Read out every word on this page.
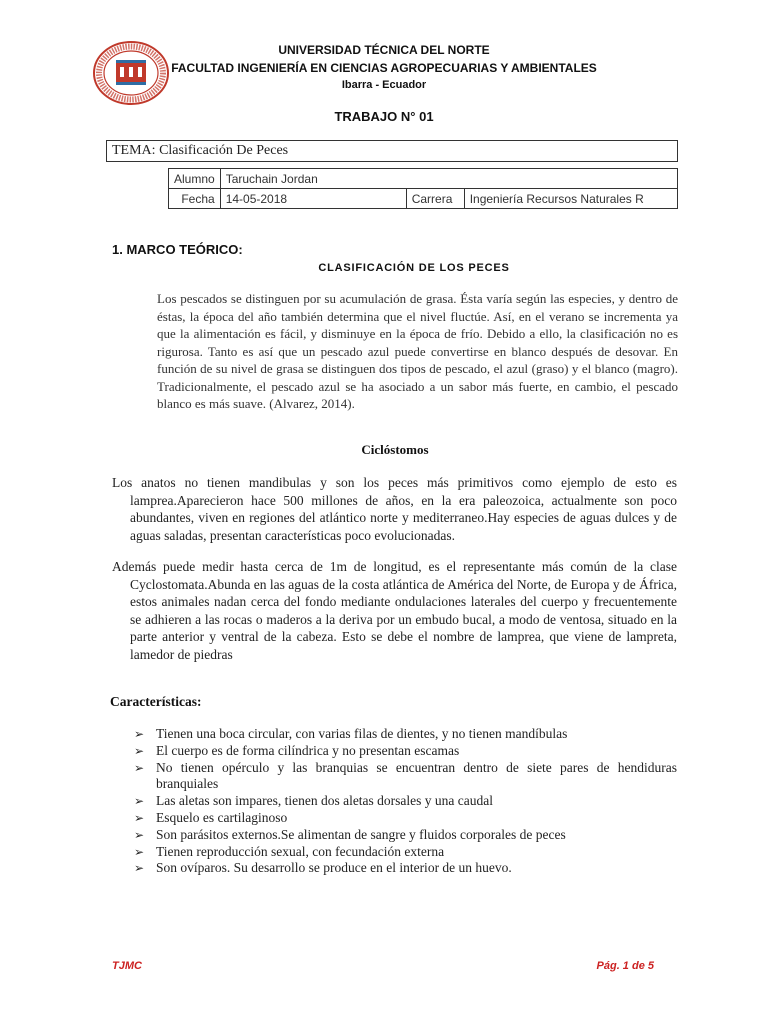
UNIVERSIDAD TÉCNICA DEL NORTE
FACULTAD INGENIERÍA EN CIENCIAS AGROPECUARIAS Y AMBIENTALES
Ibarra - Ecuador
TRABAJO N° 01
TEMA: Clasificación De Peces
Alumno	Taruchain Jordan		
Fecha	14-05-2018	Carrera	Ingeniería Recursos Naturales R
1. MARCO TEÓRICO:
CLASIFICACIÓN DE LOS PECES
Los pescados se distinguen por su acumulación de grasa. Ésta varía según las especies, y dentro de éstas, la época del año también determina que el nivel fluctúe. Así, en el verano se incrementa ya que la alimentación es fácil, y disminuye en la época de frío. Debido a ello, la clasificación no es rigurosa. Tanto es así que un pescado azul puede convertirse en blanco después de desovar. En función de su nivel de grasa se distinguen dos tipos de pescado, el azul (graso) y el blanco (magro). Tradicionalmente, el pescado azul se ha asociado a un sabor más fuerte, en cambio, el pescado blanco es más suave. (Alvarez, 2014).
Ciclóstomos
Los anatos no tienen mandibulas y son los peces más primitivos como ejemplo de esto es lamprea.Aparecieron hace 500 millones de años, en la era paleozoica, actualmente son poco abundantes, viven en regiones del atlántico norte y mediterraneo.Hay especies de aguas dulces y de aguas saladas, presentan características poco evolucionadas.
Además puede medir hasta cerca de 1m de longitud, es el representante más común de la clase Cyclostomata.Abunda en las aguas de la costa atlántica de América del Norte, de Europa y de África, estos animales nadan cerca del fondo mediante ondulaciones laterales del cuerpo y frecuentemente se adhieren a las rocas o maderos a la deriva por un embudo bucal, a modo de ventosa, situado en la parte anterior y ventral de la cabeza. Esto se debe el nombre de lamprea, que viene de lampreta, lamedor de piedras
Características:
➢ Tienen una boca circular, con varias filas de dientes, y no tienen mandíbulas
➢ El cuerpo es de forma cilíndrica y no presentan escamas
➢ No tienen opérculo y las branquias se encuentran dentro de siete pares de hendiduras branquiales
➢ Las aletas son impares, tienen dos aletas dorsales y una caudal
➢ Esquelo es cartilaginoso
➢ Son parásitos externos.Se alimentan de sangre y fluidos corporales de peces
➢ Tienen reproducción sexual, con fecundación externa
➢ Son ovíparos. Su desarrollo se produce en el interior de un huevo.
TJMC	Pág. 1 de 5
